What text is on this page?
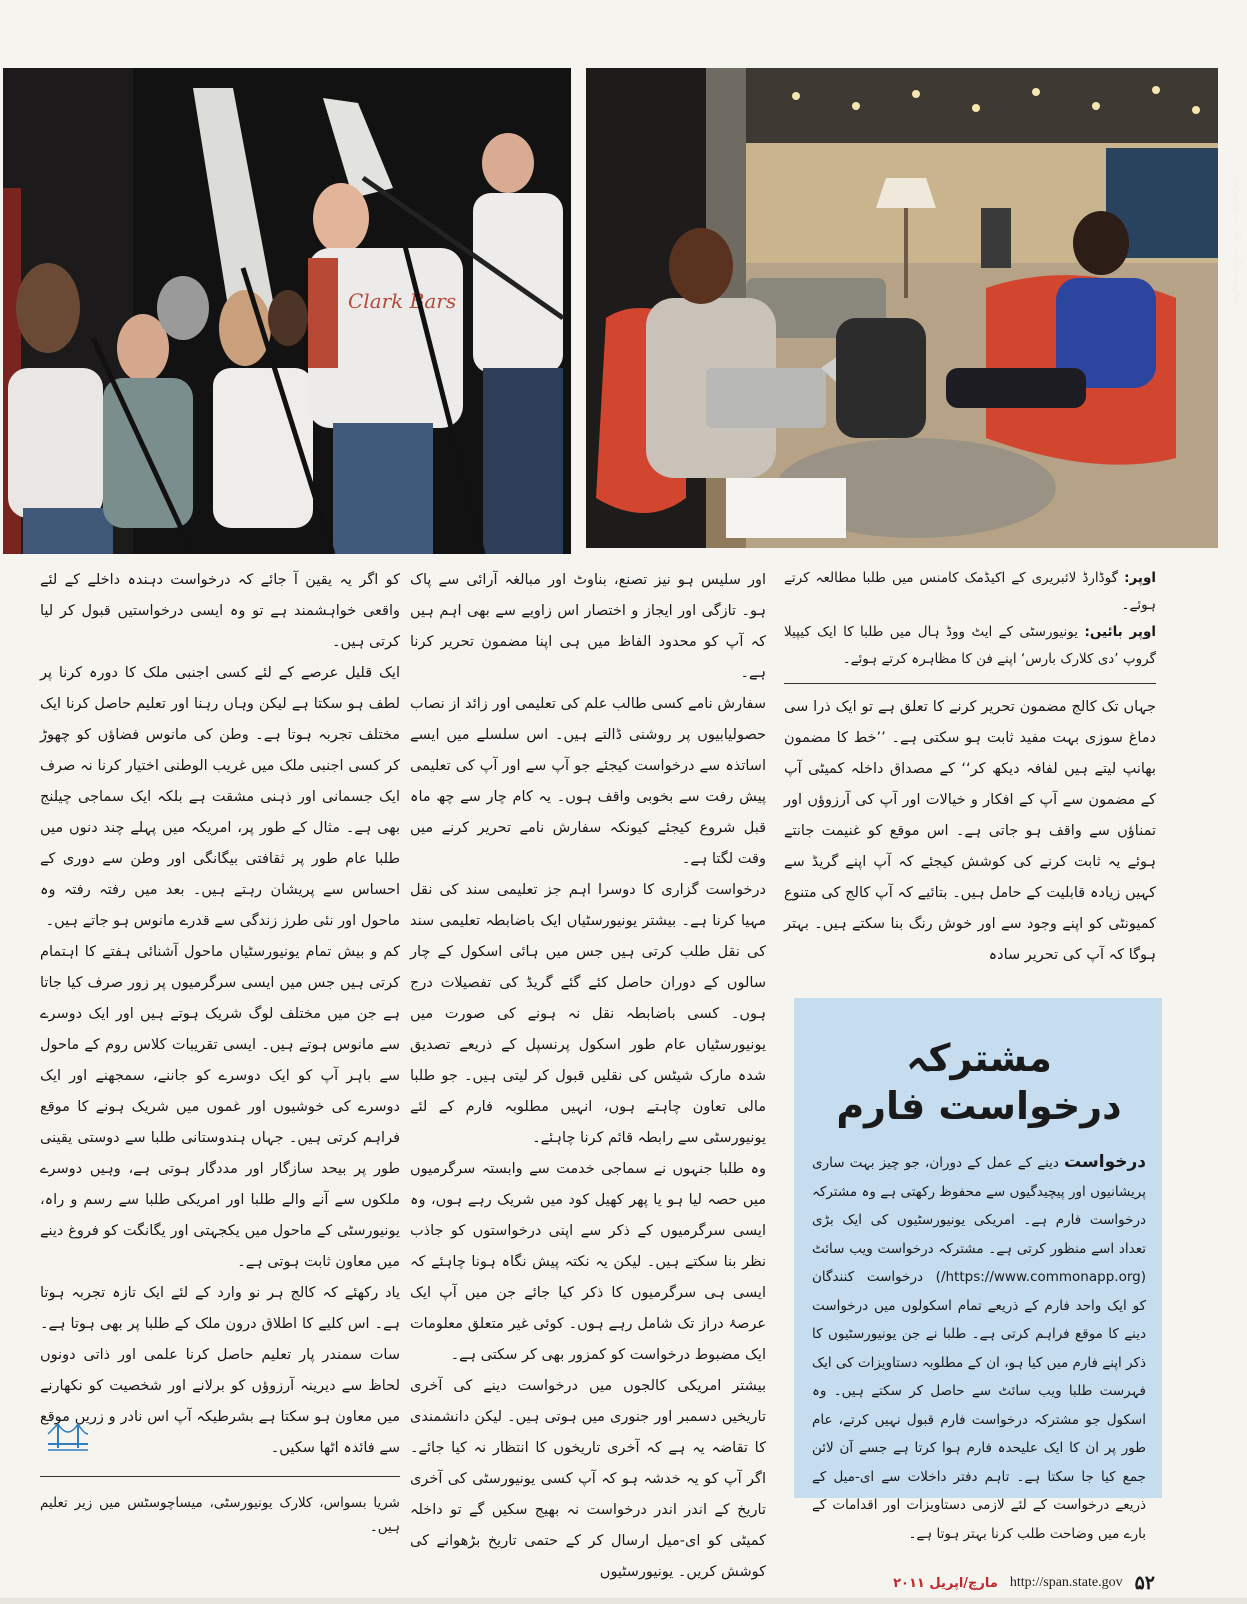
Clark Bars	تصاویر بشکریہ کلارک یونیورسٹی

اوپر: گوڈارڈ لائبریری کے اکیڈمک کامنس میں طلبا مطالعہ کرتے ہوئے۔

اوپر بائیں: یونیورسٹی کے ایٹ ووڈ ہال میں طلبا کا ایک کیپیلا گروپ ’دی کلارک بارس‘ اپنے فن کا مظاہرہ کرتے ہوئے۔

جہاں تک کالج مضمون تحریر کرنے کا تعلق ہے تو ایک ذرا سی دماغ سوزی بہت مفید ثابت ہو سکتی ہے۔ ’’خط کا مضمون بھانپ لیتے ہیں لفافہ دیکھ کر‘‘ کے مصداق داخلہ کمیٹی آپ کے مضمون سے آپ کے افکار و خیالات اور آپ کی آرزوؤں اور تمناؤں سے واقف ہو جاتی ہے۔ اس موقع کو غنیمت جانتے ہوئے یہ ثابت کرنے کی کوشش کیجئے کہ آپ اپنے گریڈ سے کہیں زیادہ قابلیت کے حامل ہیں۔ بتائیے کہ آپ کالج کی متنوع کمیونٹی کو اپنے وجود سے اور خوش رنگ بنا سکتے ہیں۔ بہتر ہوگا کہ آپ کی تحریر سادہ

مشترکہ درخواست فارم

درخواست دینے کے عمل کے دوران، جو چیز بہت ساری پریشانیوں اور پیچیدگیوں سے محفوظ رکھتی ہے وہ مشترکہ درخواست فارم ہے۔ امریکی یونیورسٹیوں کی ایک بڑی تعداد اسے منظور کرتی ہے۔ مشترکہ درخواست ویب سائٹ (https://www.commonapp.org/) درخواست کنندگان کو ایک واحد فارم کے ذریعے تمام اسکولوں میں درخواست دینے کا موقع فراہم کرتی ہے۔ طلبا نے جن یونیورسٹیوں کا ذکر اپنے فارم میں کیا ہو، ان کے مطلوبہ دستاویزات کی ایک فہرست طلبا ویب سائٹ سے حاصل کر سکتے ہیں۔ وہ اسکول جو مشترکہ درخواست فارم قبول نہیں کرتے، عام طور پر ان کا ایک علیحدہ فارم ہوا کرتا ہے جسے آن لائن جمع کیا جا سکتا ہے۔ تاہم دفتر داخلات سے ای-میل کے ذریعے درخواست کے لئے لازمی دستاویزات اور اقدامات کے بارے میں وضاحت طلب کرنا بہتر ہوتا ہے۔

اور سلیس ہو نیز تصنع، بناوٹ اور مبالغہ آرائی سے پاک ہو۔ تازگی اور ایجاز و اختصار اس زاویے سے بھی اہم ہیں کہ آپ کو محدود الفاظ میں ہی اپنا مضمون تحریر کرنا ہے۔

سفارش نامے کسی طالب علم کی تعلیمی اور زائد از نصاب حصولیابیوں پر روشنی ڈالتے ہیں۔ اس سلسلے میں ایسے اساتذہ سے درخواست کیجئے جو آپ سے اور آپ کی تعلیمی پیش رفت سے بخوبی واقف ہوں۔ یہ کام چار سے چھ ماہ قبل شروع کیجئے کیونکہ سفارش نامے تحریر کرنے میں وقت لگتا ہے۔

درخواست گزاری کا دوسرا اہم جز تعلیمی سند کی نقل مہیا کرنا ہے۔ بیشتر یونیورسٹیاں ایک باضابطہ تعلیمی سند کی نقل طلب کرتی ہیں جس میں ہائی اسکول کے چار سالوں کے دوران حاصل کئے گئے گریڈ کی تفصیلات درج ہوں۔ کسی باضابطہ نقل نہ ہونے کی صورت میں یونیورسٹیاں عام طور اسکول پرنسپل کے ذریعے تصدیق شدہ مارک شیٹس کی نقلیں قبول کر لیتی ہیں۔ جو طلبا مالی تعاون چاہتے ہوں، انہیں مطلوبہ فارم کے لئے یونیورسٹی سے رابطہ قائم کرنا چاہئے۔

وہ طلبا جنہوں نے سماجی خدمت سے وابستہ سرگرمیوں میں حصہ لیا ہو یا پھر کھیل کود میں شریک رہے ہوں، وہ ایسی سرگرمیوں کے ذکر سے اپنی درخواستوں کو جاذب نظر بنا سکتے ہیں۔ لیکن یہ نکتہ پیش نگاہ ہونا چاہئے کہ ایسی ہی سرگرمیوں کا ذکر کیا جائے جن میں آپ ایک عرصۂ دراز تک شامل رہے ہوں۔ کوئی غیر متعلق معلومات ایک مضبوط درخواست کو کمزور بھی کر سکتی ہے۔

بیشتر امریکی کالجوں میں درخواست دینے کی آخری تاریخیں دسمبر اور جنوری میں ہوتی ہیں۔ لیکن دانشمندی کا تقاضہ یہ ہے کہ آخری تاریخوں کا انتظار نہ کیا جائے۔ اگر آپ کو یہ خدشہ ہو کہ آپ کسی یونیورسٹی کی آخری تاریخ کے اندر اندر درخواست نہ بھیج سکیں گے تو داخلہ کمیٹی کو ای-میل ارسال کر کے حتمی تاریخ بڑھوانے کی کوشش کریں۔ یونیورسٹیوں

کو اگر یہ یقین آ جائے کہ درخواست دہندہ داخلے کے لئے واقعی خواہشمند ہے تو وہ ایسی درخواستیں قبول کر لیا کرتی ہیں۔

ایک قلیل عرصے کے لئے کسی اجنبی ملک کا دورہ کرنا پر لطف ہو سکتا ہے لیکن وہاں رہنا اور تعلیم حاصل کرنا ایک مختلف تجربہ ہوتا ہے۔ وطن کی مانوس فضاؤں کو چھوڑ کر کسی اجنبی ملک میں غریب الوطنی اختیار کرنا نہ صرف ایک جسمانی اور ذہنی مشقت ہے بلکہ ایک سماجی چیلنج بھی ہے۔ مثال کے طور پر، امریکہ میں پہلے چند دنوں میں طلبا عام طور پر ثقافتی بیگانگی اور وطن سے دوری کے احساس سے پریشان رہتے ہیں۔ بعد میں رفتہ رفتہ وہ ماحول اور نئی طرز زندگی سے قدرے مانوس ہو جاتے ہیں۔

کم و بیش تمام یونیورسٹیاں ماحول آشنائی ہفتے کا اہتمام کرتی ہیں جس میں ایسی سرگرمیوں پر زور صرف کیا جاتا ہے جن میں مختلف لوگ شریک ہوتے ہیں اور ایک دوسرے سے مانوس ہوتے ہیں۔ ایسی تقریبات کلاس روم کے ماحول سے باہر آپ کو ایک دوسرے کو جاننے، سمجھنے اور ایک دوسرے کی خوشیوں اور غموں میں شریک ہونے کا موقع فراہم کرتی ہیں۔ جہاں ہندوستانی طلبا سے دوستی یقینی طور پر بیحد سازگار اور مددگار ہوتی ہے، وہیں دوسرے ملکوں سے آنے والے طلبا اور امریکی طلبا سے رسم و راہ، یونیورسٹی کے ماحول میں یکجہتی اور یگانگت کو فروغ دینے میں معاون ثابت ہوتی ہے۔

یاد رکھئے کہ کالج ہر نو وارد کے لئے ایک تازہ تجربہ ہوتا ہے۔ اس کلیے کا اطلاق درون ملک کے طلبا پر بھی ہوتا ہے۔ سات سمندر پار تعلیم حاصل کرنا علمی اور ذاتی دونوں لحاظ سے دیرینہ آرزوؤں کو برلانے اور شخصیت کو نکھارنے میں معاون ہو سکتا ہے بشرطیکہ آپ اس نادر و زریں موقع سے فائدہ اٹھا سکیں۔

شریا بسواس، کلارک یونیورسٹی، میساچوسٹس میں زیر تعلیم ہیں۔
مارچ/اپریل ۲۰۱۱ http://span.state.gov ۵۲
